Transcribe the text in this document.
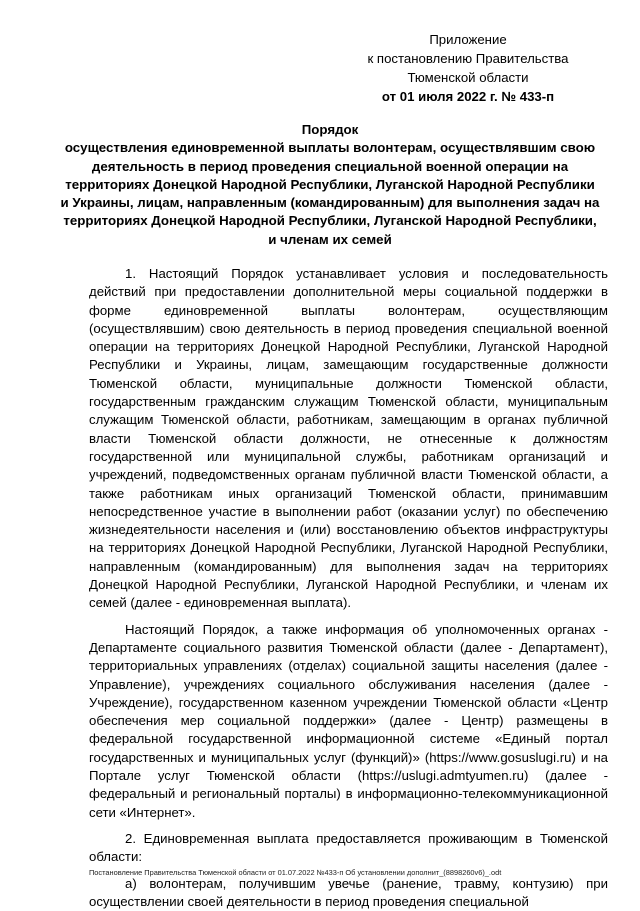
Приложение
к постановлению Правительства
Тюменской области
от 01 июля 2022 г. № 433-п
Порядок
осуществления единовременной выплаты волонтерам, осуществлявшим свою деятельность в период проведения специальной военной операции на территориях Донецкой Народной Республики, Луганской Народной Республики и Украины, лицам, направленным (командированным) для выполнения задач на территориях Донецкой Народной Республики, Луганской Народной Республики, и членам их семей

1. Настоящий Порядок устанавливает условия и последовательность действий при предоставлении дополнительной меры социальной поддержки в форме единовременной выплаты волонтерам, осуществляющим (осуществлявшим) свою деятельность в период проведения специальной военной операции на территориях Донецкой Народной Республики, Луганской Народной Республики и Украины, лицам, замещающим государственные должности Тюменской области, муниципальные должности Тюменской области, государственным гражданским служащим Тюменской области, муниципальным служащим Тюменской области, работникам, замещающим в органах публичной власти Тюменской области должности, не отнесенные к должностям государственной или муниципальной службы, работникам организаций и учреждений, подведомственных органам публичной власти Тюменской области, а также работникам иных организаций Тюменской области, принимавшим непосредственное участие в выполнении работ (оказании услуг) по обеспечению жизнедеятельности населения и (или) восстановлению объектов инфраструктуры на территориях Донецкой Народной Республики, Луганской Народной Республики, направленным (командированным) для выполнения задач на территориях Донецкой Народной Республики, Луганской Народной Республики, и членам их семей (далее - единовременная выплата).

Настоящий Порядок, а также информация об уполномоченных органах - Департаменте социального развития Тюменской области (далее - Департамент), территориальных управлениях (отделах) социальной защиты населения (далее - Управление), учреждениях социального обслуживания населения (далее - Учреждение), государственном казенном учреждении Тюменской области «Центр обеспечения мер социальной поддержки» (далее - Центр) размещены в федеральной государственной информационной системе «Единый портал государственных и муниципальных услуг (функций)» (https://www.gosuslugi.ru) и на Портале услуг Тюменской области (https://uslugi.admtyumen.ru) (далее - федеральный и региональный порталы) в информационно-телекоммуникационной сети «Интернет».

2. Единовременная выплата предоставляется проживающим в Тюменской области:

а) волонтерам, получившим увечье (ранение, травму, контузию) при осуществлении своей деятельности в период проведения специальной

Постановление Правительства Тюменской области от 01.07.2022 №433-п Об установлении дополнит_(8898260v6)_.odt
